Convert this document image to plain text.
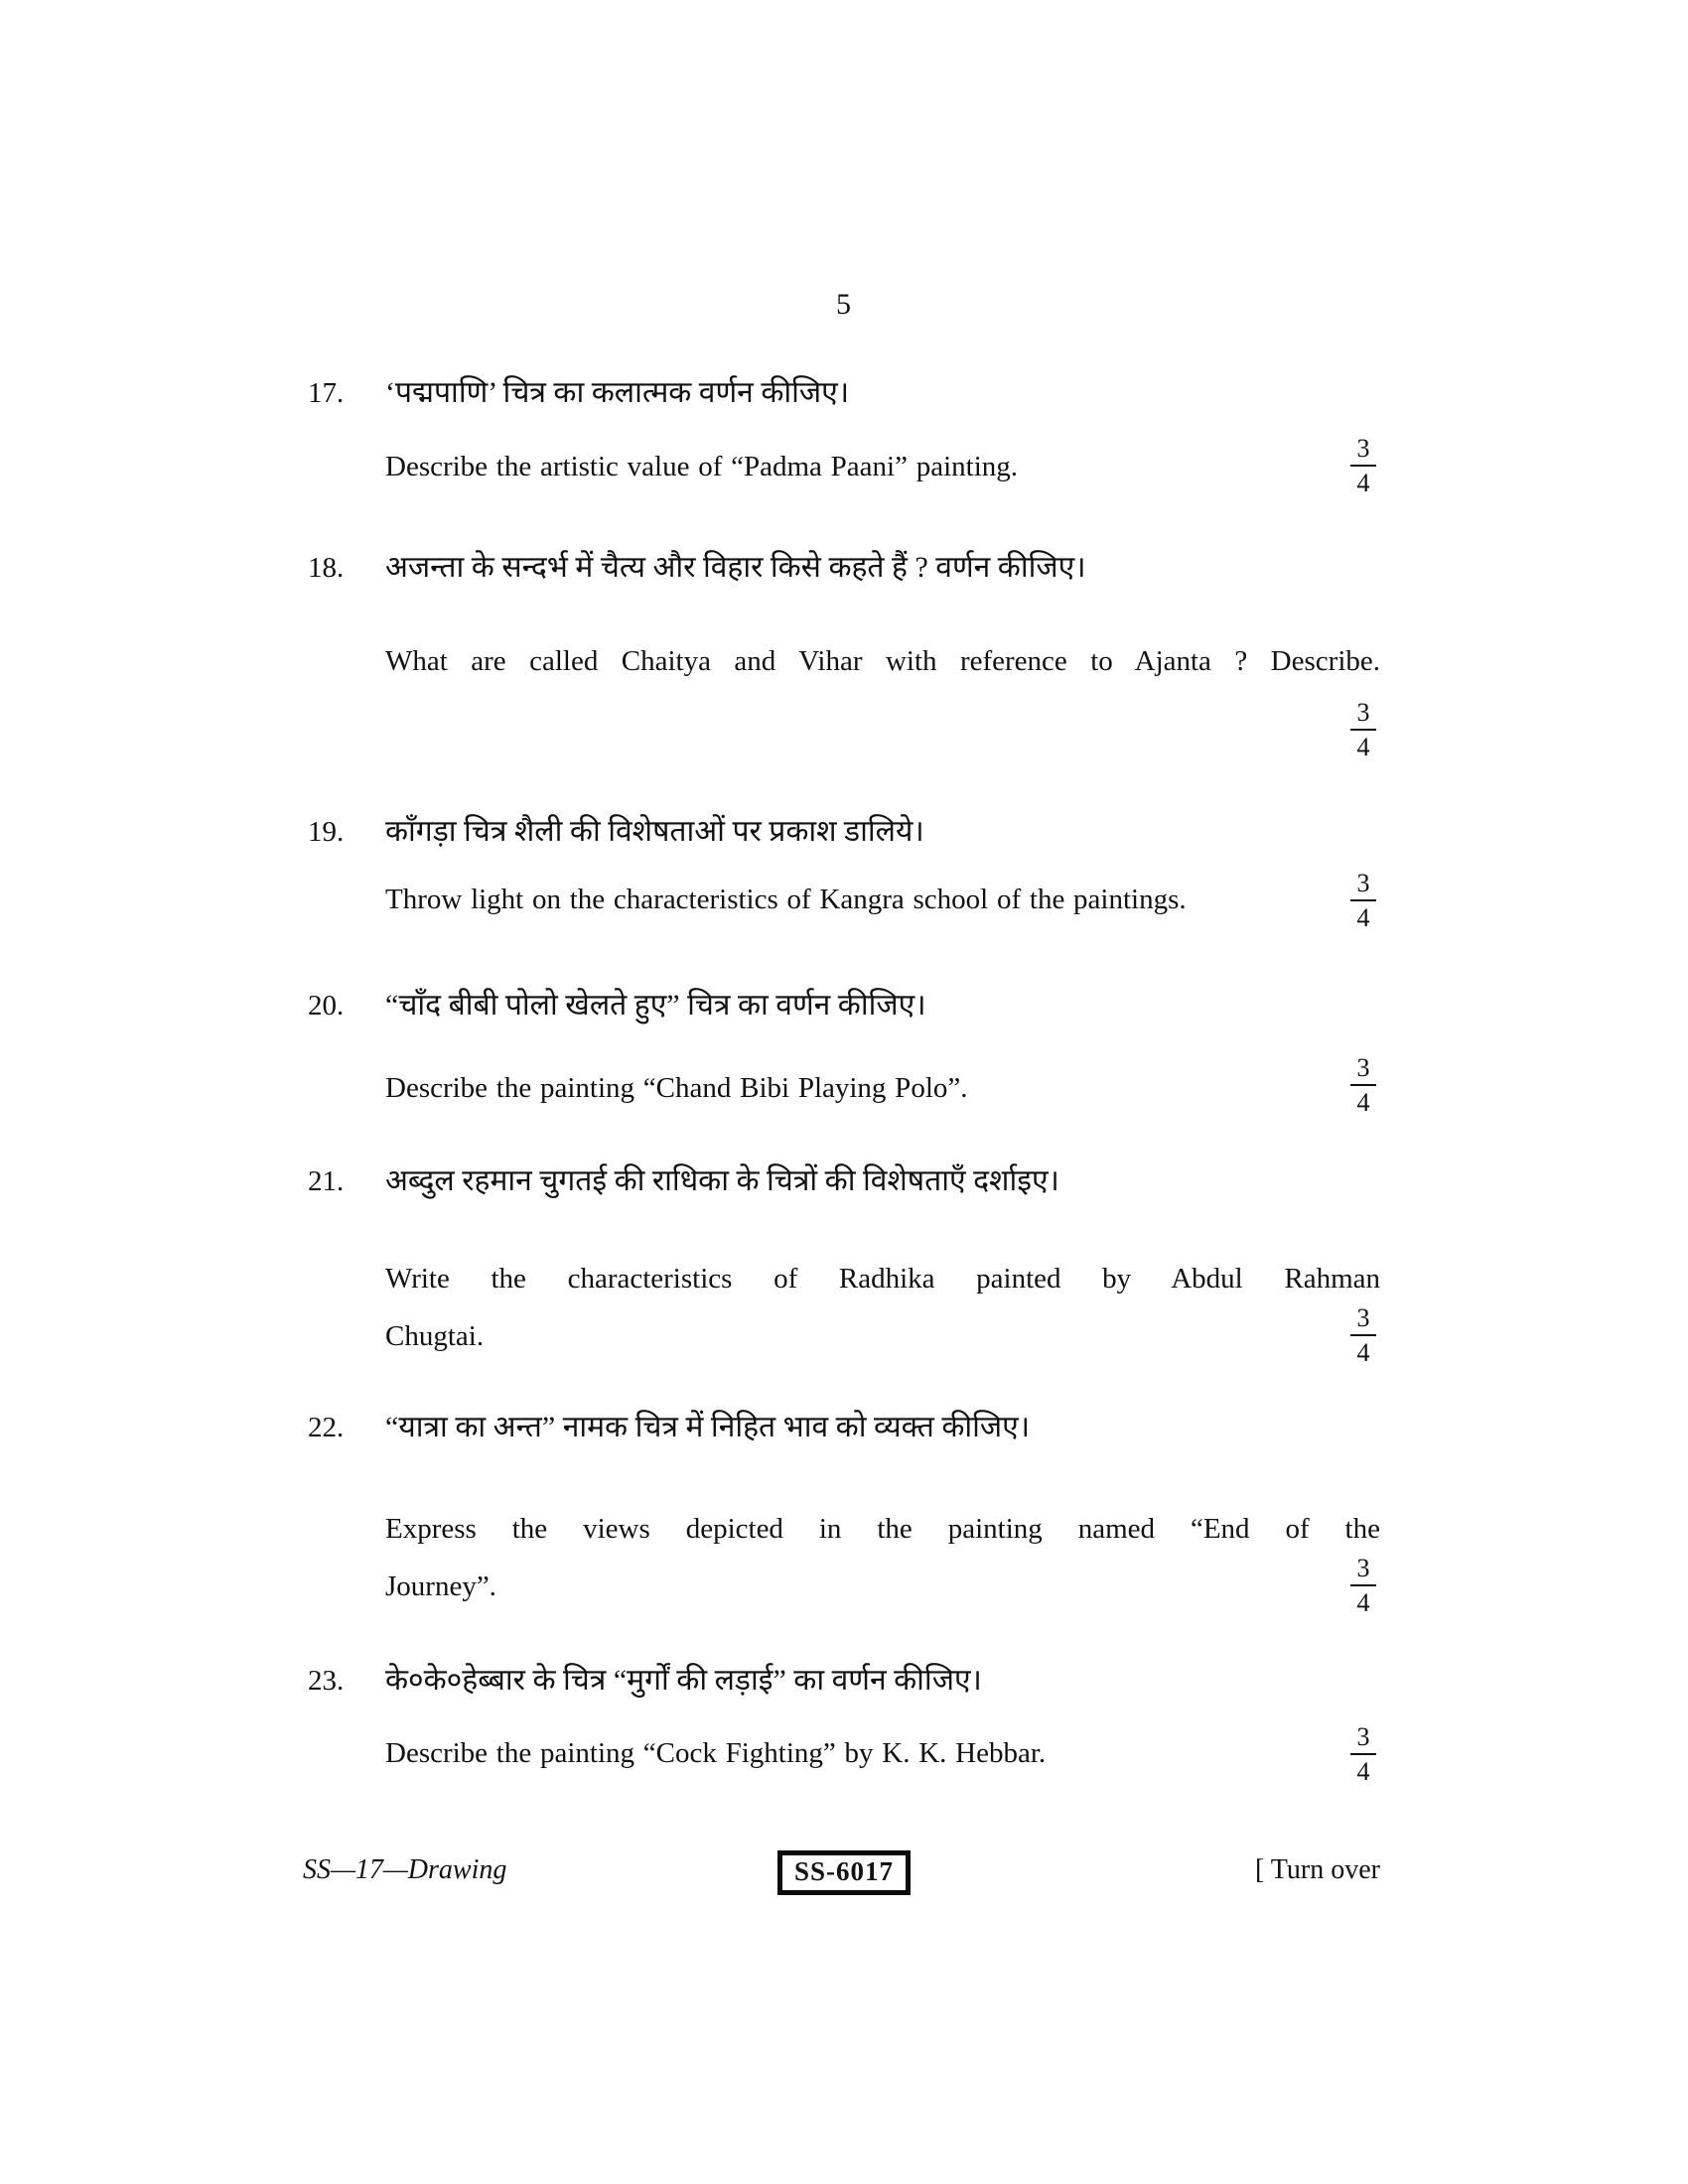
5
17.	‘पद्मपाणि’ चित्र का कलात्मक वर्णन कीजिए।
Describe the artistic value of “Padma Paani” painting.
3
4
18.	अजन्ता के सन्दर्भ में चैत्य और विहार किसे कहते हैं ? वर्णन कीजिए।
What are called Chaitya and Vihar with reference to Ajanta ? Describe.
3
4
19.	काँगड़ा चित्र शैली की विशेषताओं पर प्रकाश डालिये।
Throw light on the characteristics of Kangra school of the paintings.
3
4
20.	“चाँद बीबी पोलो खेलते हुए” चित्र का वर्णन कीजिए।
Describe the painting “Chand Bibi Playing Polo”.
3
4
21.	अब्दुल रहमान चुगतई की राधिका के चित्रों की विशेषताएँ दर्शाइए।
Write the characteristics of Radhika painted by Abdul Rahman
Chugtai.
3
4
22.	“यात्रा का अन्त” नामक चित्र में निहित भाव को व्यक्त कीजिए।
Express the views depicted in the painting named “End of the
Journey”.
3
4
23.	के०के०हेब्बार के चित्र “मुर्गों की लड़ाई” का वर्णन कीजिए।
Describe the painting “Cock Fighting” by K. K. Hebbar.
3
4
SS—17—Drawing	SS-6017	[ Turn over
